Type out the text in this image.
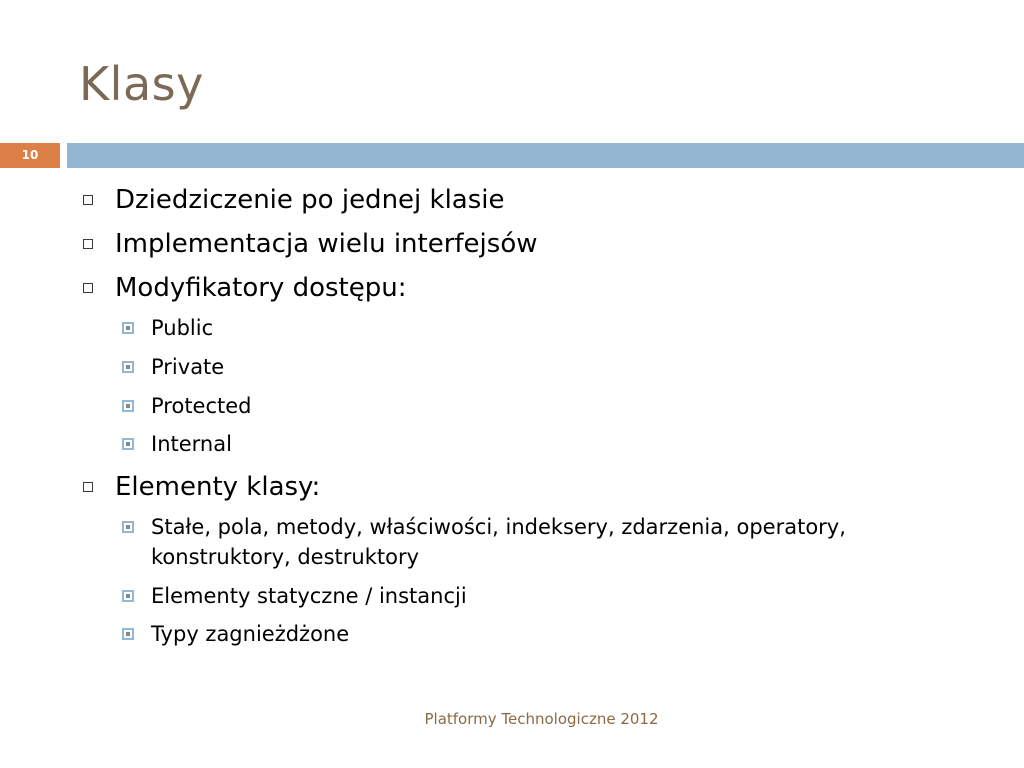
Klasy
10
Dziedziczenie po jednej klasie
Implementacja wielu interfejsów
Modyfikatory dostępu:
Public
Private
Protected
Internal
Elementy klasy:
Stałe, pola, metody, właściwości, indeksery, zdarzenia, operatory,
konstruktory, destruktory
Elementy statyczne / instancji
Typy zagnieżdżone
Platformy Technologiczne 2012
